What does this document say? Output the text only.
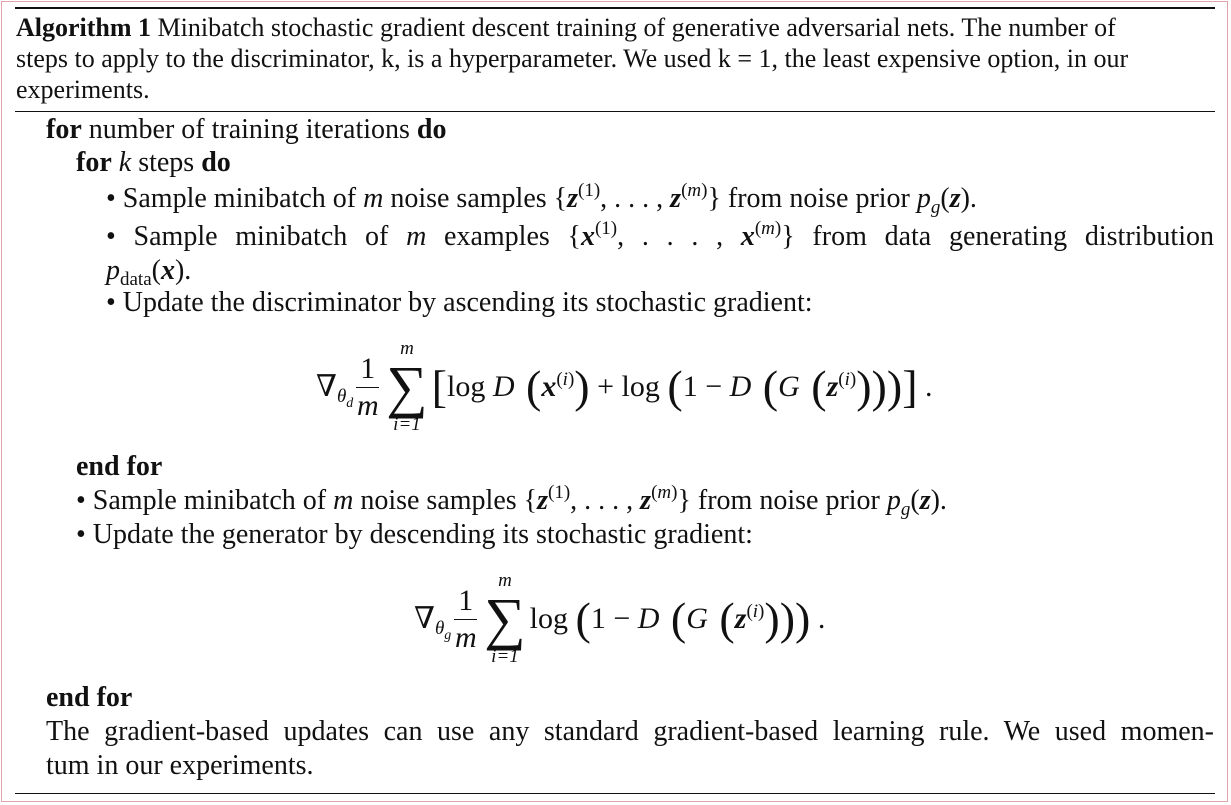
Algorithm 1 Minibatch stochastic gradient descent training of generative adversarial nets. The number of
steps to apply to the discriminator, k, is a hyperparameter. We used k = 1, the least expensive option, in our
experiments.
for number of training iterations do
for k steps do
• Sample minibatch of m noise samples {$z^{(1)}$, . . . , $z^{(m)}$} from noise prior $p_g(z)$.
• Sample minibatch of m examples {$x^{(1)}$, . . . , $x^{(m)}$} from data generating distribution
$p_{data}(x)$.
• Update the discriminator by ascending its stochastic gradient:
$\nabla_{\theta_d} \frac{1}{m}$
m
∑
i=1
[log D $(x^{(i)}) + \log (1 - D$ (G $(z^{(i)})$))] .
end for
• Sample minibatch of m noise samples {$z^{(1)}$, . . . , $z^{(m)}$} from noise prior $p_g(z)$.
• Update the generator by descending its stochastic gradient:
$\nabla_{\theta_g} \frac{1}{m}$
m
∑
i=1
log (1 − D (G $(z^{(i)})$)) .
end for
The gradient-based updates can use any standard gradient-based learning rule. We used momen-
tum in our experiments.
